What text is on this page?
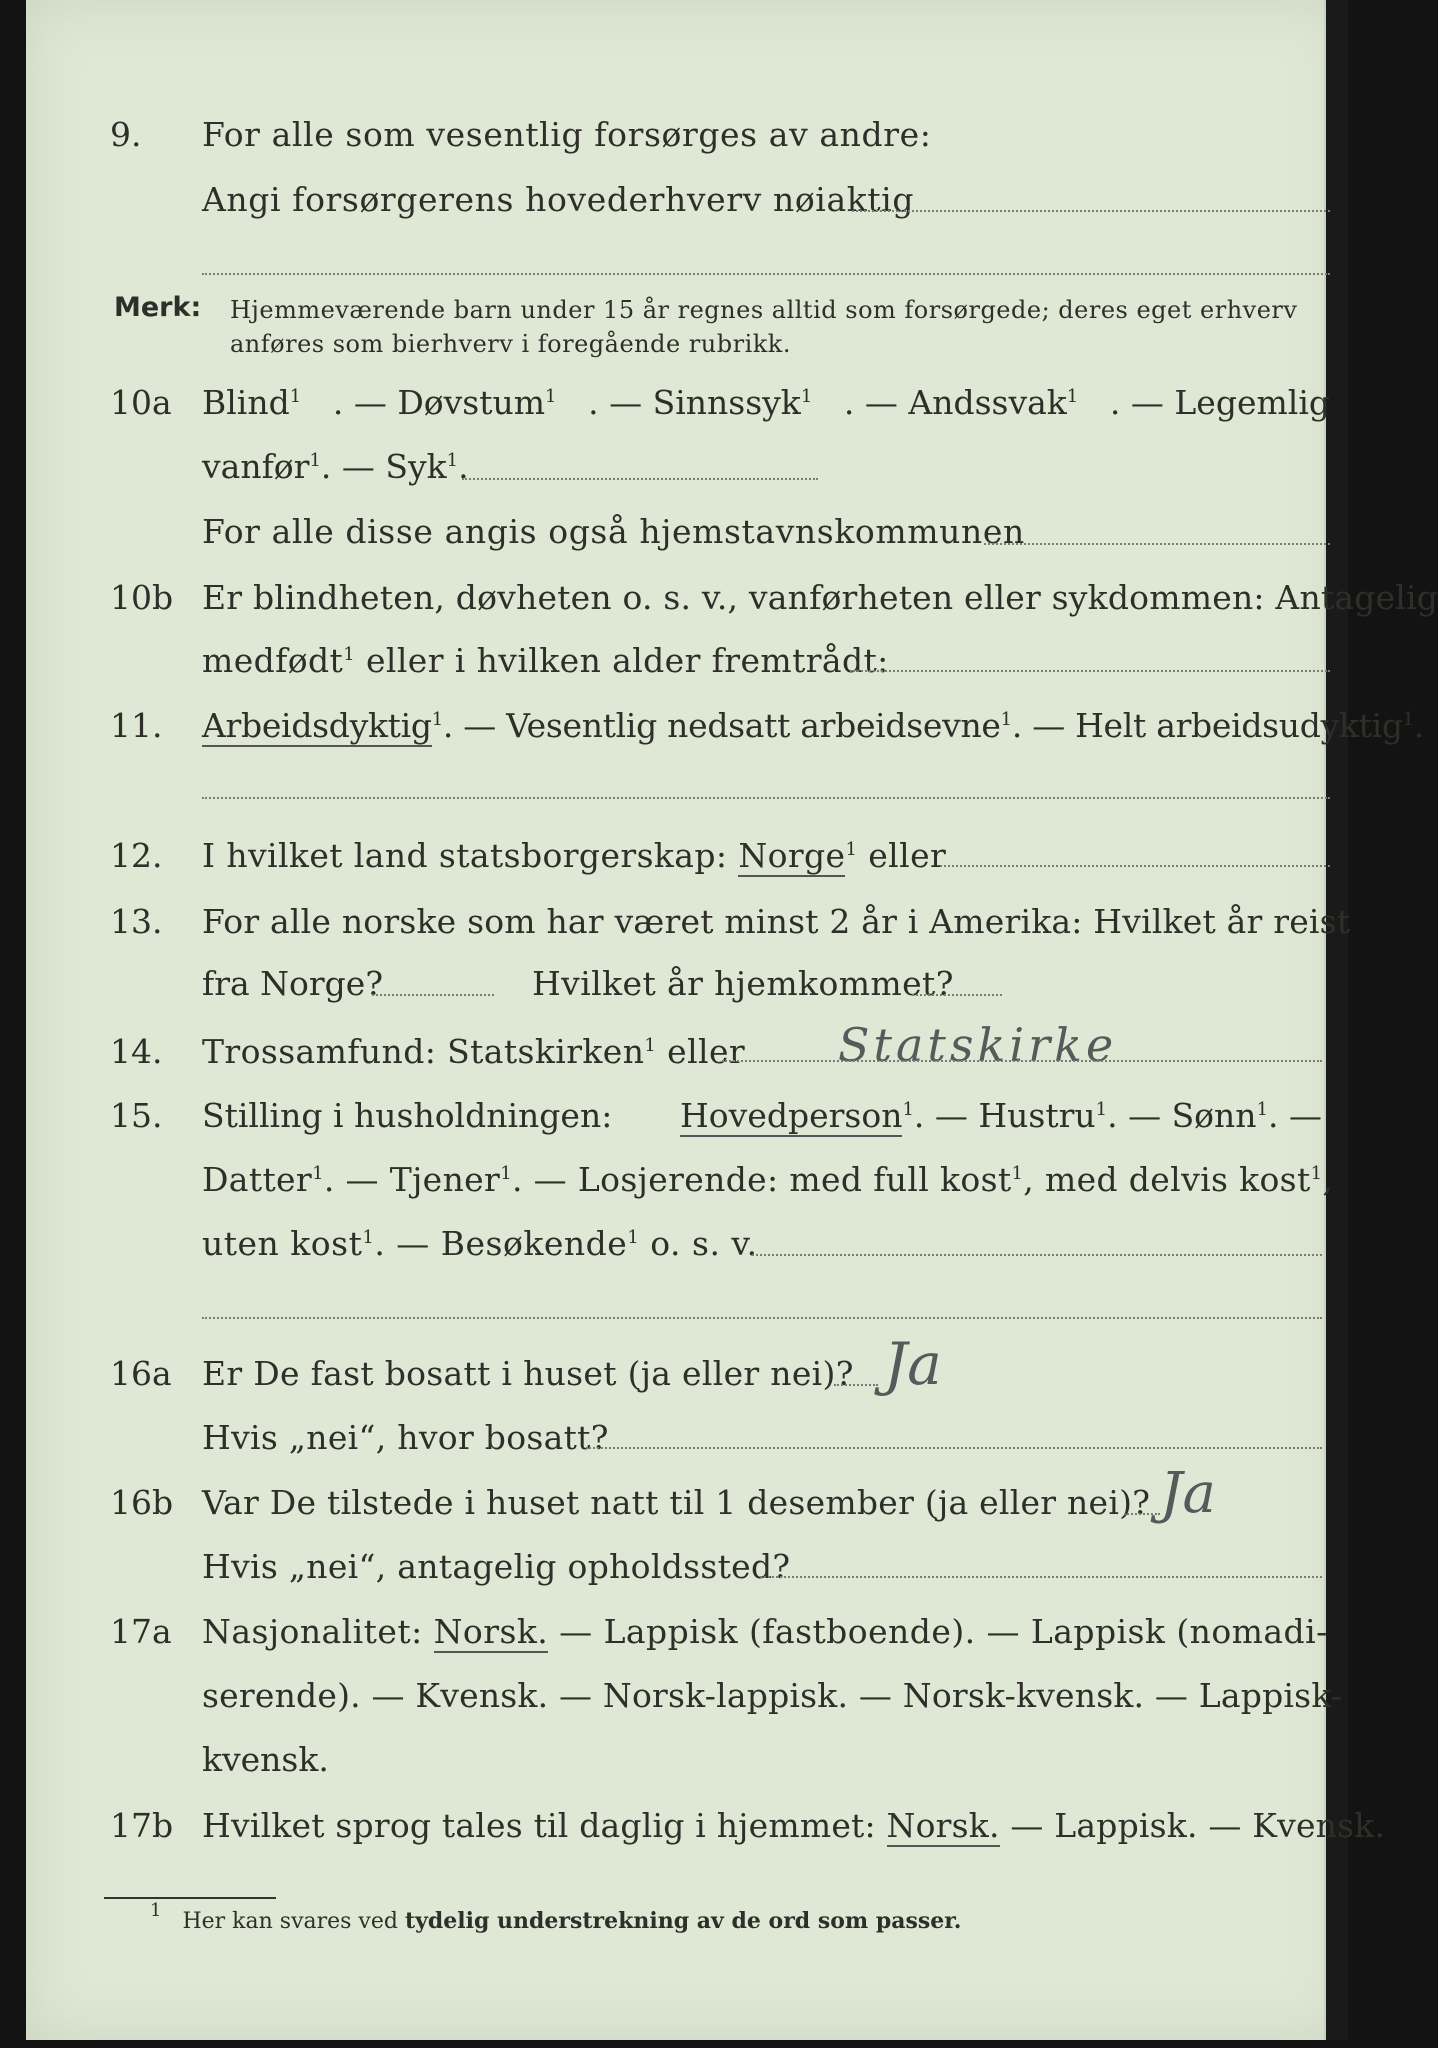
9. For alle som vesentlig forsørges av andre:
Angi forsørgerens hovederhverv nøiaktig
Merk: Hjemmeværende barn under 15 år regnes alltid som forsørgede; deres eget erhverv
anføres som bierhverv i foregående rubrikk.
10a Blind$^1$ . — Døvstum$^1$ . — Sinnssyk$^1$ . — Andssvak$^1$ . — Legemlig
vanfør$^1$. — Syk$^1$.
For alle disse angis også hjemstavnskommunen
10b Er blindheten, døvheten o. s. v., vanførheten eller sykdommen: Antagelig
medfødt$^1$ eller i hvilken alder fremtrådt:
11. Arbeidsdyktig$^1$. — Vesentlig nedsatt arbeidsevne$^1$. — Helt arbeidsudyktig$^1$.
12. I hvilket land statsborgerskap: Norge$^1$ eller
13. For alle norske som har været minst 2 år i Amerika: Hvilket år reist
fra Norge?	Hvilket år hjemkommet?
14. Trossamfund: Statskirken$^1$ eller Statskirke
15. Stilling i husholdningen: Hovedperson$^1$. — Hustru$^1$. — Sønn$^1$. —
Datter$^1$. — Tjener$^1$. — Losjerende: med full kost$^1$, med delvis kost$^1$,
uten kost$^1$. — Besøkende$^1$ o. s. v.
16a Er De fast bosatt i huset (ja eller nei)? Ja
Hvis „nei“, hvor bosatt?
16b Var De tilstede i huset natt til 1 desember (ja eller nei)? Ja
Hvis „nei“, antagelig opholdssted?
17a Nasjonalitet: Norsk. — Lappisk (fastboende). — Lappisk (nomadi-
serende). — Kvensk. — Norsk-lappisk. — Norsk-kvensk. — Lappisk-
kvensk.
17b Hvilket sprog tales til daglig i hjemmet: Norsk. — Lappisk. — Kvensk.
$^1$ Her kan svares ved tydelig understrekning av de ord som passer.
